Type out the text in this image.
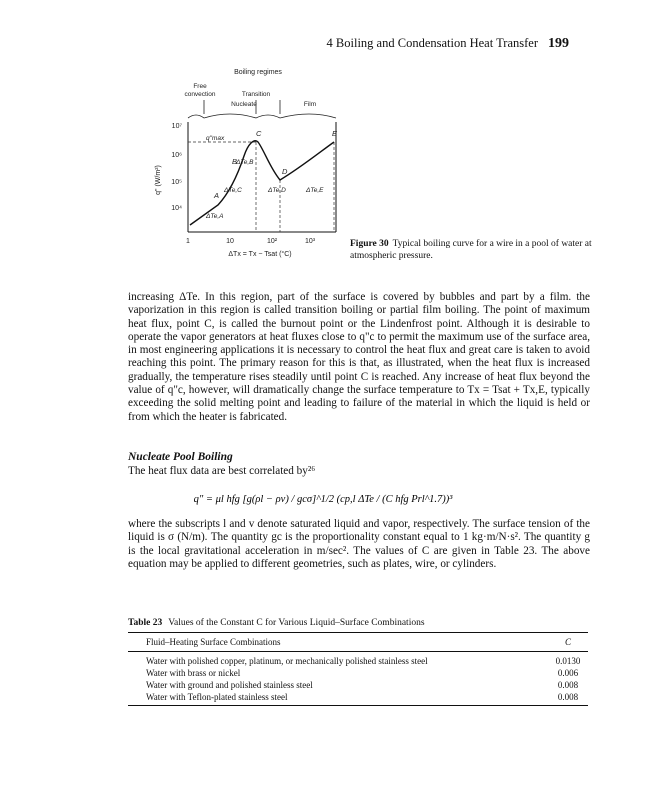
4 Boiling and Condensation Heat Transfer 199
Boiling regimes
Free
convection	Transition
Nucleate	Film
10⁷
10⁶
10⁵
10⁴
q" (W/m²)
1	10	10²	10³
ΔTx = Tx − Tsat (°C)
A
B
C
D
E
q"max
ΔTe,A
ΔTe,C
ΔTe,B
ΔTe,D	ΔTe,E
Figure 30 Typical boiling curve for a wire in a pool of water at atmospheric pressure.

increasing ΔTe. In this region, part of the surface is covered by bubbles and part by a film. the vaporization in this region is called transition boiling or partial film boiling. The point of maximum heat flux, point C, is called the burnout point or the Lindenfrost point. Although it is desirable to operate the vapor generators at heat fluxes close to q"c to permit the maximum use of the surface area, in most engineering applications it is necessary to control the heat flux and great care is taken to avoid reaching this point. The primary reason for this is that, as illustrated, when the heat flux is increased gradually, the temperature rises steadily until point C is reached. Any increase of heat flux beyond the value of q"c, however, will dramatically change the surface temperature to Tx = Tsat + Tx,E, typically exceeding the solid melting point and leading to failure of the material in which the liquid is held or from which the heater is fabricated.

Nucleate Pool Boiling

The heat flux data are best correlated by²⁶

q" = μl hfg [g(ρl − ρv) / gcσ]^1/2 (cp,l ΔTe / (C hfg Prl^1.7))³

where the subscripts l and v denote saturated liquid and vapor, respectively. The surface tension of the liquid is σ (N/m). The quantity gc is the proportionality constant equal to 1 kg·m/N·s². The quantity g is the local gravitational acceleration in m/sec². The values of C are given in Table 23. The above equation may be applied to different geometries, such as plates, wire, or cylinders.

Table 23 Values of the Constant C for Various Liquid–Surface Combinations
Fluid–Heating Surface Combinations	C
Water with polished copper, platinum, or mechanically polished stainless steel	0.0130
Water with brass or nickel	0.006
Water with ground and polished stainless steel	0.008
Water with Teflon-plated stainless steel	0.008
